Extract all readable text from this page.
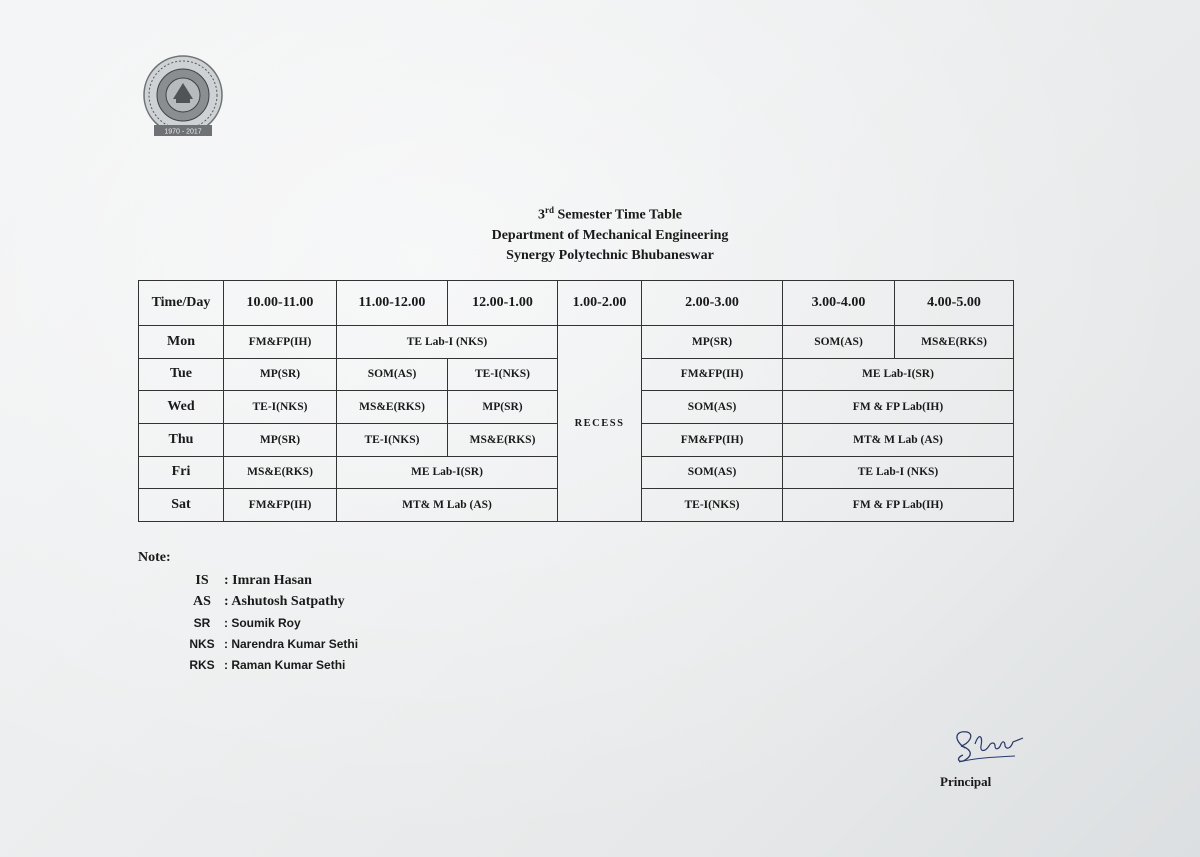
1970 - 2017
3rd Semester Time Table
Department of Mechanical Engineering
Synergy Polytechnic Bhubaneswar
Time/Day	10.00-11.00	11.00-12.00	12.00-1.00	1.00-2.00	2.00-3.00	3.00-4.00	4.00-5.00
Mon	FM&FP(IH)	TE Lab-I (NKS)		RECESS	MP(SR)	SOM(AS)	MS&E(RKS)
Tue	MP(SR)	SOM(AS)	TE-I(NKS)		FM&FP(IH)	ME Lab-I(SR)	
Wed	TE-I(NKS)	MS&E(RKS)	MP(SR)		SOM(AS)	FM & FP Lab(IH)	
Thu	MP(SR)	TE-I(NKS)	MS&E(RKS)		FM&FP(IH)	MT& M Lab (AS)	
Fri	MS&E(RKS)	ME Lab-I(SR)			SOM(AS)	TE Lab-I (NKS)	
Sat	FM&FP(IH)	MT& M Lab (AS)			TE-I(NKS)	FM & FP Lab(IH)	
Note:
IS	: Imran Hasan
AS : Ashutosh Satpathy
SR	: Soumik Roy
NKS : Narendra Kumar Sethi
RKS : Raman Kumar Sethi
Principal
